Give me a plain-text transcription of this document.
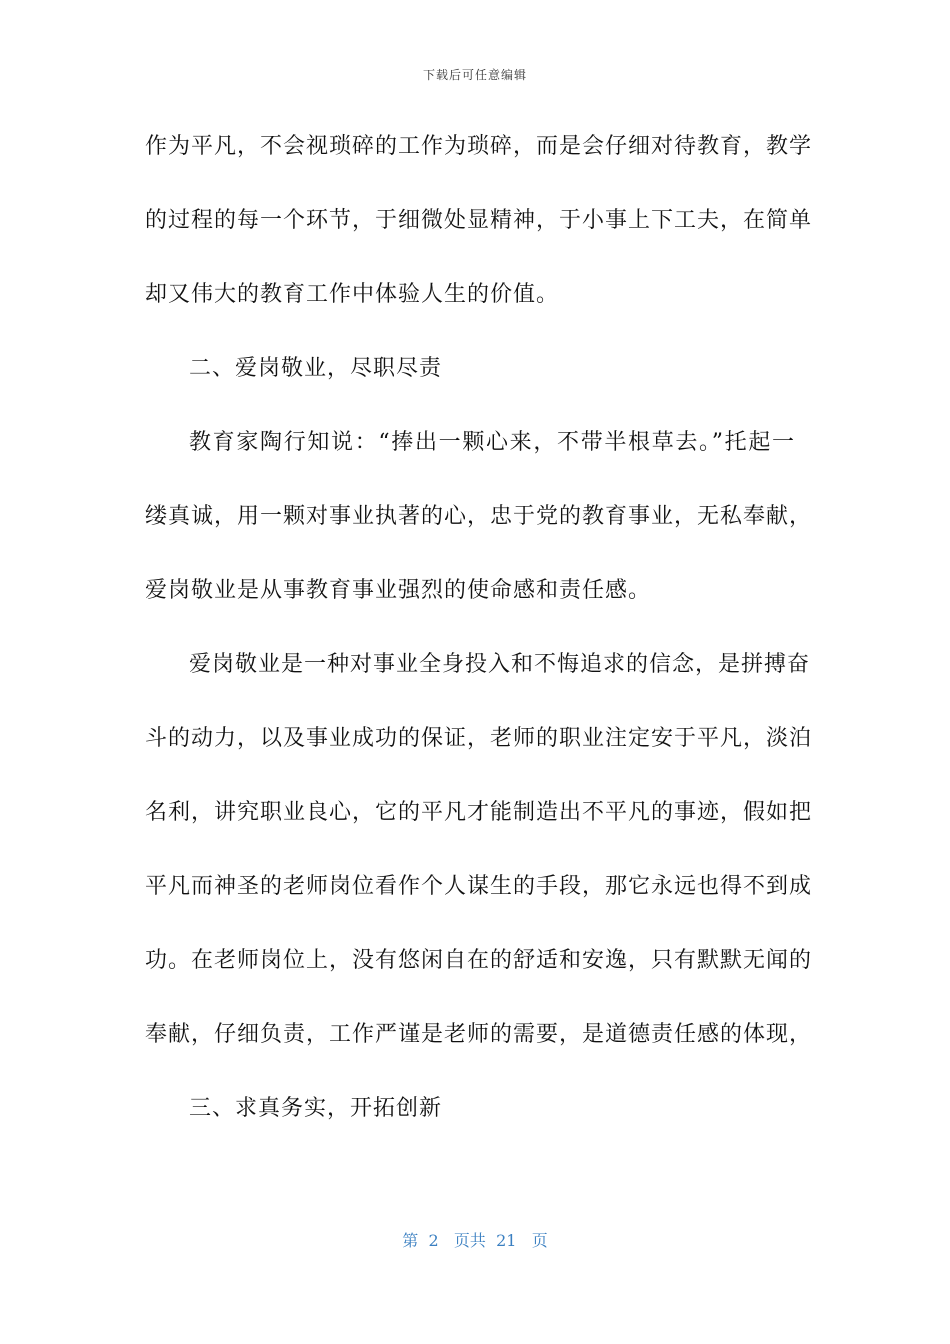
下载后可任意编辑
作为平凡，不会视琐碎的工作为琐碎，而是会仔细对待教育，教学
的过程的每一个环节，于细微处显精神，于小事上下工夫，在简单
却又伟大的教育工作中体验人生的价值。
二、爱岗敬业，尽职尽责
教育家陶行知说：“捧出一颗心来，不带半根草去。”托起一
缕真诚，用一颗对事业执著的心，忠于党的教育事业，无私奉献，
爱岗敬业是从事教育事业强烈的使命感和责任感。
爱岗敬业是一种对事业全身投入和不悔追求的信念，是拼搏奋
斗的动力，以及事业成功的保证，老师的职业注定安于平凡，淡泊
名利，讲究职业良心，它的平凡才能制造出不平凡的事迹，假如把
平凡而神圣的老师岗位看作个人谋生的手段，那它永远也得不到成
功。在老师岗位上，没有悠闲自在的舒适和安逸，只有默默无闻的
奉献，仔细负责，工作严谨是老师的需要，是道德责任感的体现，
三、求真务实，开拓创新
第  2   页共  21   页
